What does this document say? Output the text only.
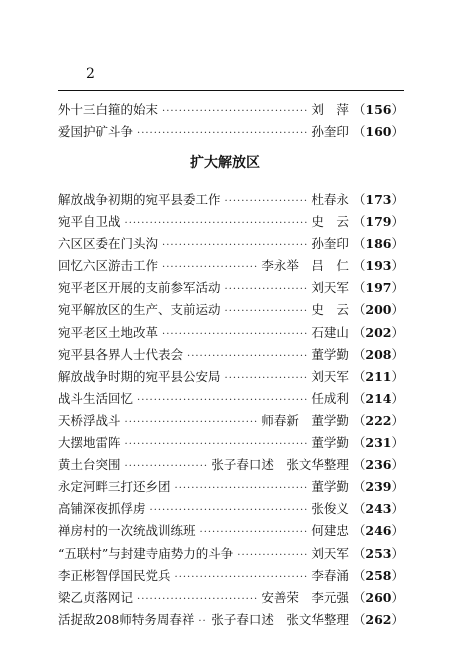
2
外十三白箍的始末 ·····	刘　萍	（ 156 ）
爱国护矿斗争 ·····	孙奎印	（ 160 ）
扩大解放区
解放战争初期的宛平县委工作 ·····	杜春永	（ 173 ）
宛平自卫战 ·····	史　云	（ 179 ）
六区区委在门头沟 ·····	孙奎印	（ 186 ）
回忆六区游击工作 ·····	李永举　吕　仁	（ 193 ）
宛平老区开展的支前参军活动 ·····	刘天军	（ 197 ）
宛平解放区的生产、支前运动 ·····	史　云	（ 200 ）
宛平老区土地改革 ·····	石建山	（ 202 ）
宛平县各界人士代表会 ·····	董学勤	（ 208 ）
解放战争时期的宛平县公安局 ·····	刘天军	（ 211 ）
战斗生活回忆 ·····	任成利	（ 214 ）
天桥浮战斗 ·····	师春新　董学勤	（ 222 ）
大摆地雷阵 ·····	董学勤	（ 231 ）
黄土台突围 ·····	张子春口述　张文华整理	（ 236 ）
永定河畔三打还乡团 ·····	董学勤	（ 239 ）
高铺深夜抓俘虏 ·····	张俊义	（ 243 ）
禅房村的一次统战训练班 ·····	何建忠	（ 246 ）
“五联村”与封建寺庙势力的斗争 ·····	刘天军	（ 253 ）
李正彬智俘国民党兵 ·····	李春涌	（ 258 ）
梁乙贞落网记 ·····	安善荣　李元强	（ 260 ）
活捉敌208师特务周春祥 ····· 张子春口述　张文华整理	（ 262 ）
